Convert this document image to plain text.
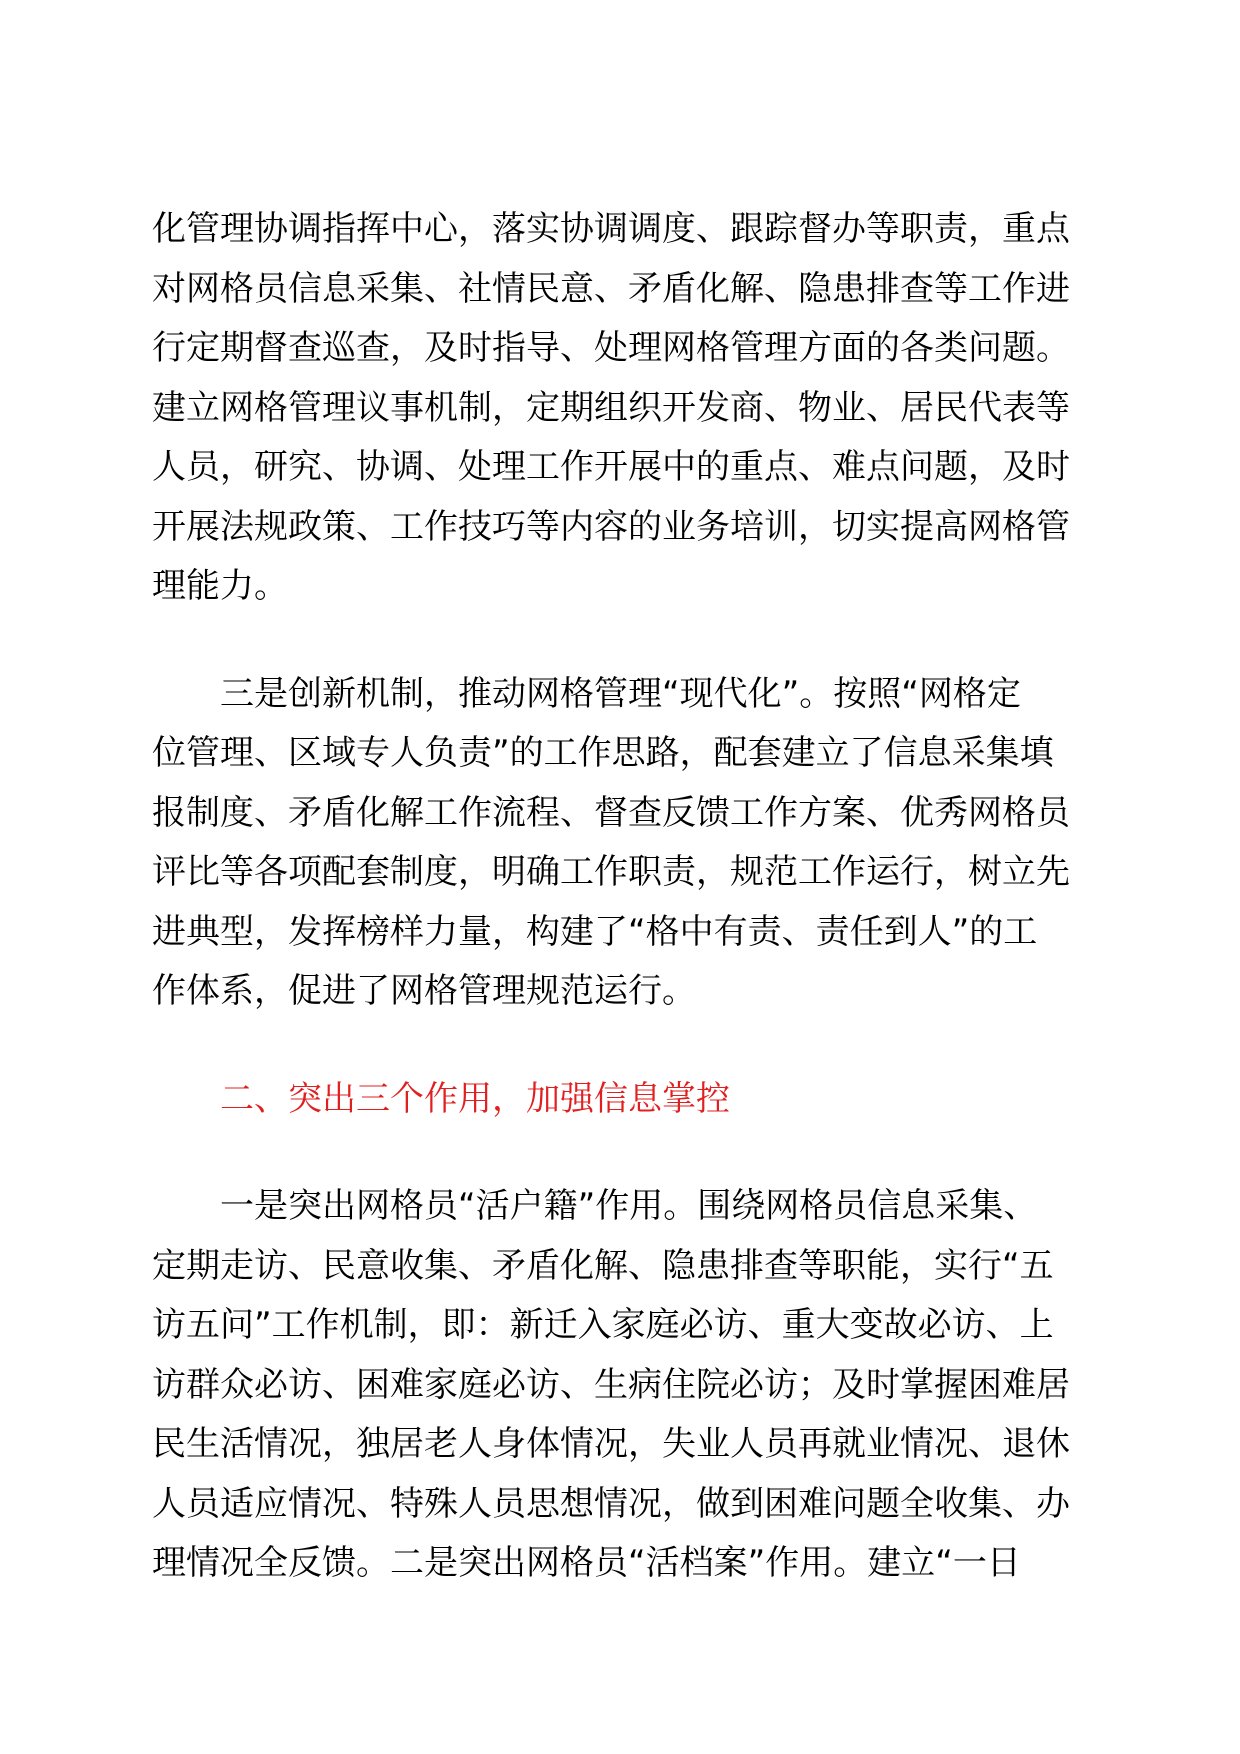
化管理协调指挥中心，落实协调调度、跟踪督办等职责，重点
对网格员信息采集、社情民意、矛盾化解、隐患排查等工作进
行定期督查巡查，及时指导、处理网格管理方面的各类问题。
建立网格管理议事机制，定期组织开发商、物业、居民代表等
人员，研究、协调、处理工作开展中的重点、难点问题，及时
开展法规政策、工作技巧等内容的业务培训，切实提高网格管
理能力。
三是创新机制，推动网格管理“现代化”。按照“网格定
位管理、区域专人负责”的工作思路，配套建立了信息采集填
报制度、矛盾化解工作流程、督查反馈工作方案、优秀网格员
评比等各项配套制度，明确工作职责，规范工作运行，树立先
进典型，发挥榜样力量，构建了“格中有责、责任到人”的工
作体系，促进了网格管理规范运行。
二、突出三个作用，加强信息掌控
一是突出网格员“活户籍”作用。围绕网格员信息采集、
定期走访、民意收集、矛盾化解、隐患排查等职能，实行“五
访五问”工作机制，即：新迁入家庭必访、重大变故必访、上
访群众必访、困难家庭必访、生病住院必访；及时掌握困难居
民生活情况，独居老人身体情况，失业人员再就业情况、退休
人员适应情况、特殊人员思想情况，做到困难问题全收集、办
理情况全反馈。二是突出网格员“活档案”作用。建立“一日
